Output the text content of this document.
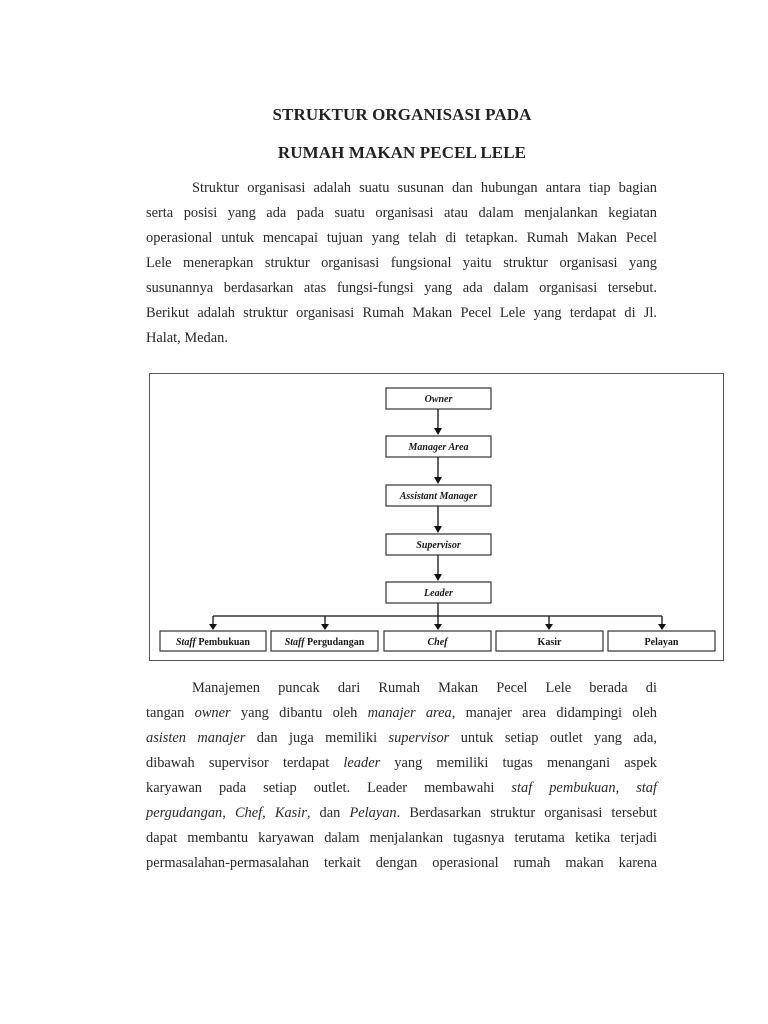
STRUKTUR ORGANISASI PADA
RUMAH MAKAN PECEL LELE
Struktur organisasi adalah suatu susunan dan hubungan antara tiap bagian
serta posisi yang ada pada suatu organisasi atau dalam menjalankan kegiatan
operasional untuk mencapai tujuan yang telah di tetapkan. Rumah Makan Pecel
Lele menerapkan struktur organisasi fungsional yaitu struktur organisasi yang
susunannya berdasarkan atas fungsi-fungsi yang ada dalam organisasi tersebut.
Berikut adalah struktur organisasi Rumah Makan Pecel Lele yang terdapat di Jl.
Halat, Medan.
Owner
Manager Area
Assistant Manager
Supervisor
Leader
Staff Pembukuan	Staff Pergudangan	Chef	Kasir	Pelayan
Manajemen puncak dari Rumah Makan Pecel Lele berada di
tangan owner yang dibantu oleh manajer area, manajer area didampingi oleh
asisten manajer dan juga memiliki supervisor untuk setiap outlet yang ada,
dibawah supervisor terdapat leader yang memiliki tugas menangani aspek
karyawan pada setiap outlet. Leader membawahi staf pembukuan, staf
pergudangan, Chef, Kasir, dan Pelayan. Berdasarkan struktur organisasi tersebut
dapat membantu karyawan dalam menjalankan tugasnya terutama ketika terjadi
permasalahan-permasalahan terkait dengan operasional rumah makan karena
